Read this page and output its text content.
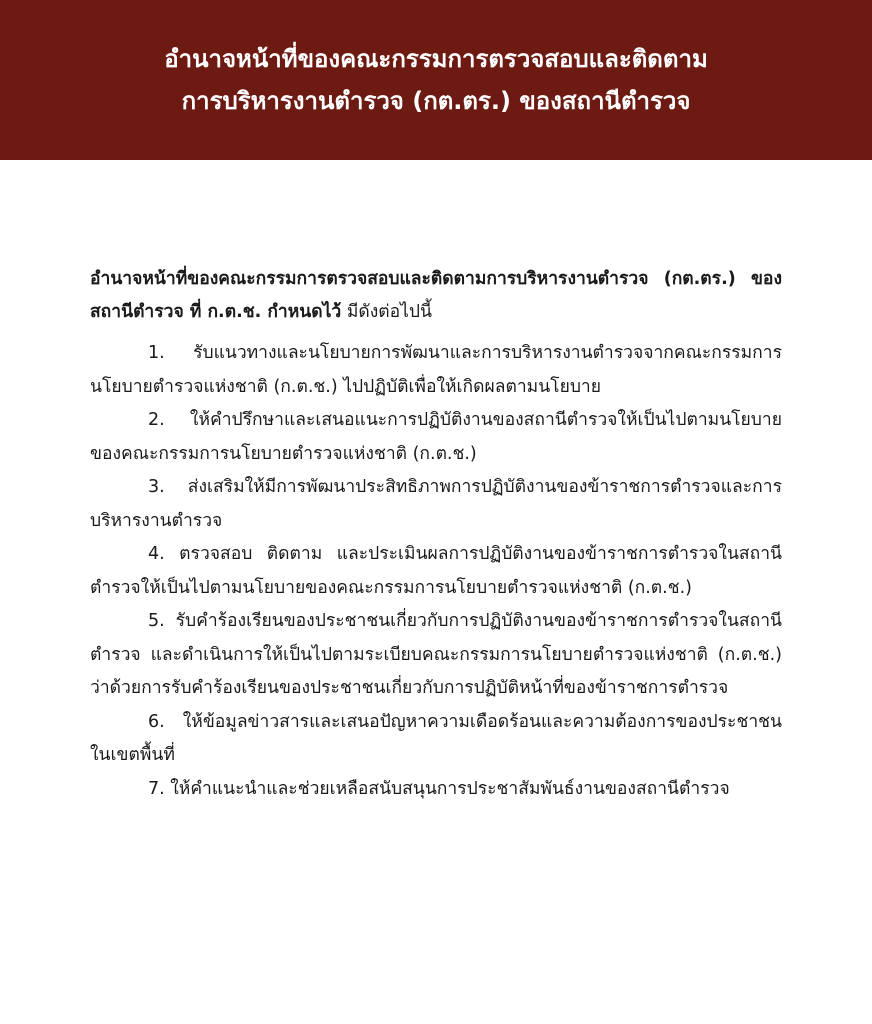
อำนาจหน้าที่ของคณะกรรมการตรวจสอบและติดตาม
การบริหารงานตำรวจ (กต.ตร.) ของสถานีตำรวจ

อำนาจหน้าที่ของคณะกรรมการตรวจสอบและติดตามการบริหารงานตำรวจ (กต.ตร.) ของสถานีตำรวจ ที่ ก.ต.ช. กำหนดไว้ มีดังต่อไปนี้

1. รับแนวทางและนโยบายการพัฒนาและการบริหารงานตำรวจจากคณะกรรมการนโยบายตำรวจแห่งชาติ (ก.ต.ช.) ไปปฏิบัติเพื่อให้เกิดผลตามนโยบาย

2. ให้คำปรึกษาและเสนอแนะการปฏิบัติงานของสถานีตำรวจให้เป็นไปตามนโยบายของคณะกรรมการนโยบายตำรวจแห่งชาติ (ก.ต.ช.)

3. ส่งเสริมให้มีการพัฒนาประสิทธิภาพการปฏิบัติงานของข้าราชการตำรวจและการบริหารงานตำรวจ

4. ตรวจสอบ ติดตาม และประเมินผลการปฏิบัติงานของข้าราชการตำรวจในสถานีตำรวจให้เป็นไปตามนโยบายของคณะกรรมการนโยบายตำรวจแห่งชาติ (ก.ต.ช.)

5. รับคำร้องเรียนของประชาชนเกี่ยวกับการปฏิบัติงานของข้าราชการตำรวจในสถานีตำรวจ และดำเนินการให้เป็นไปตามระเบียบคณะกรรมการนโยบายตำรวจแห่งชาติ (ก.ต.ช.) ว่าด้วยการรับคำร้องเรียนของประชาชนเกี่ยวกับการปฏิบัติหน้าที่ของข้าราชการตำรวจ

6. ให้ข้อมูลข่าวสารและเสนอปัญหาความเดือดร้อนและความต้องการของประชาชนในเขตพื้นที่

7. ให้คำแนะนำและช่วยเหลือสนับสนุนการประชาสัมพันธ์งานของสถานีตำรวจ
